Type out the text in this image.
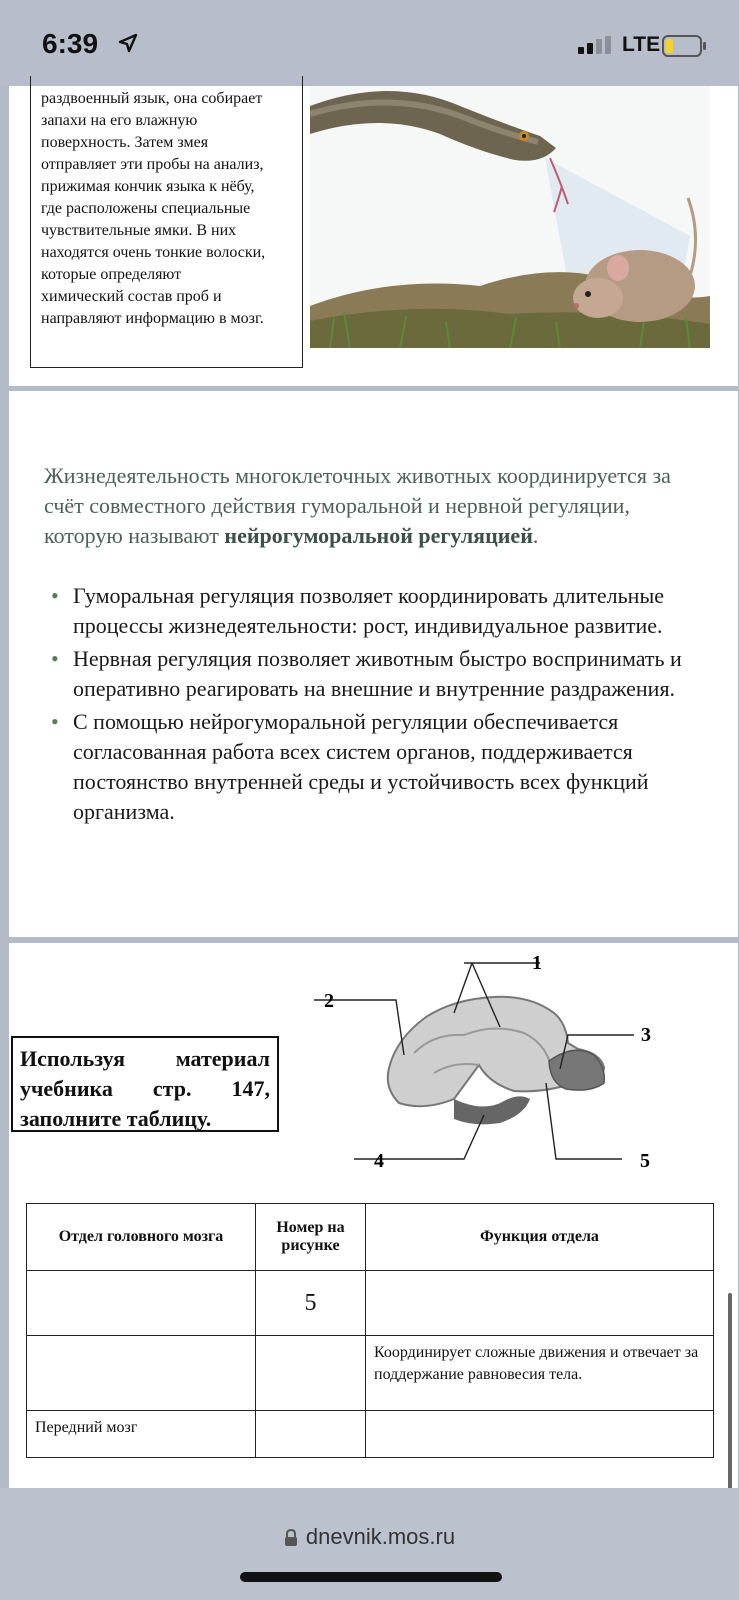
6:39	LTE
раздвоенный язык, она собирает
запахи на его влажную
поверхность. Затем змея
отправляет эти пробы на анализ,
прижимая кончик языка к нёбу,
где расположены специальные
чувствительные ямки. В них
находятся очень тонкие волоски,
которые определяют
химический состав проб и
направляют информацию в мозг.
Жизнедеятельность многоклеточных животных координируется за счёт совместного действия гуморальной и нервной регуляции, которую называют нейрогуморальной регуляцией.
• Гуморальная регуляция позволяет координировать длительные процессы жизнедеятельности: рост, индивидуальное развитие.
• Нервная регуляция позволяет животным быстро воспринимать и оперативно реагировать на внешние и внутренние раздражения.
• С помощью нейрогуморальной регуляции обеспечивается согласованная работа всех систем органов, поддерживается постоянство внутренней среды и устойчивость всех функций организма.
Используя материал учебника стр. 147, заполните таблицу.
1
2
3
4	5
Отдел головного мозга	Номер на рисунке	Функция отдела
	5	
		Координирует сложные движения и отвечает за поддержание равновесия тела.
Передний мозг		
dnevnik.mos.ru
